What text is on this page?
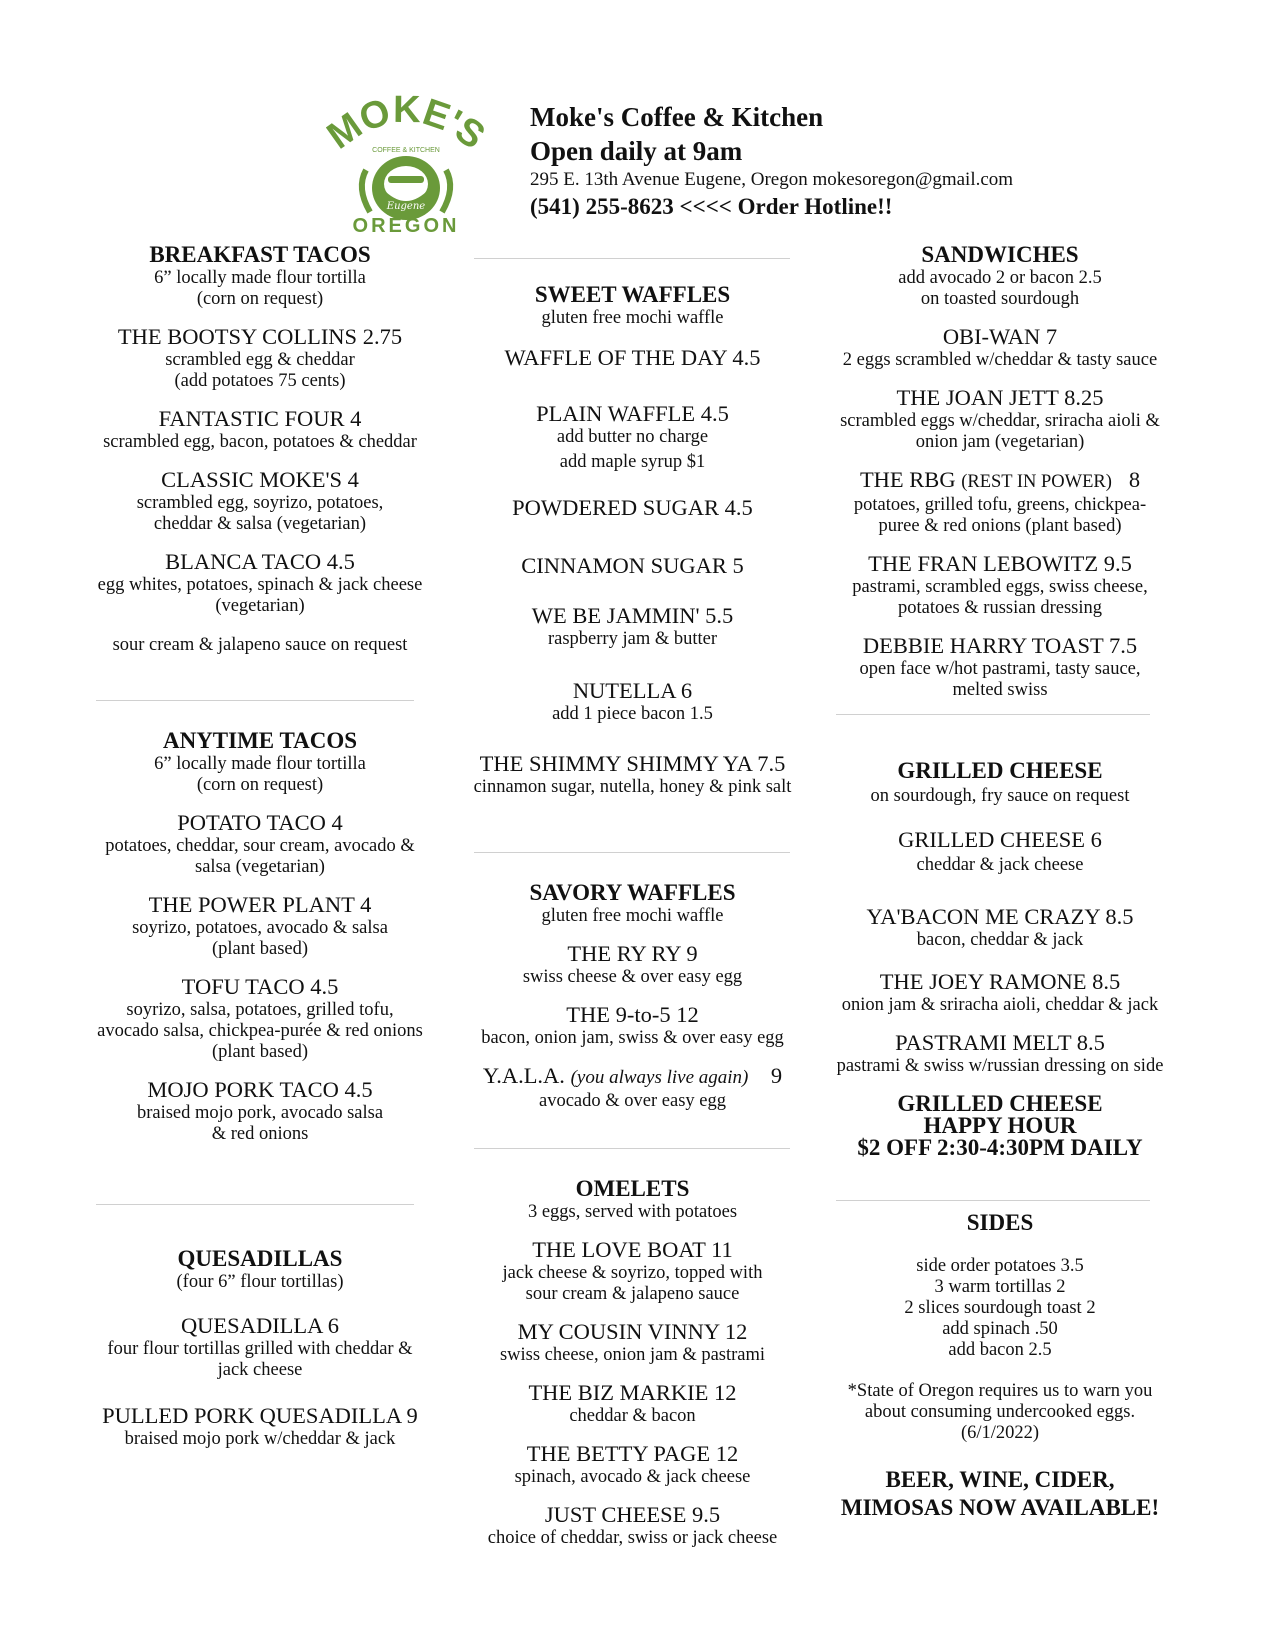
OKE'
COFFEE & KITCHEN
Eugene
OREGON
Moke's Coffee & Kitchen
Open daily at 9am
295 E. 13th Avenue Eugene, Oregon mokesoregon@gmail.com
(541) 255-8623 <<<< Order Hotline!!
BREAKFAST TACOS
6” locally made flour tortilla
(corn on request)
THE BOOTSY COLLINS 2.75
scrambled egg & cheddar
(add potatoes 75 cents)
FANTASTIC FOUR 4
scrambled egg, bacon, potatoes & cheddar
CLASSIC MOKE'S 4
scrambled egg, soyrizo, potatoes,
cheddar & salsa (vegetarian)
BLANCA TACO 4.5
egg whites, potatoes, spinach & jack cheese
(vegetarian)
sour cream & jalapeno sauce on request
ANYTIME TACOS
6” locally made flour tortilla
(corn on request)
POTATO TACO 4
potatoes, cheddar, sour cream, avocado &
salsa (vegetarian)
THE POWER PLANT 4
soyrizo, potatoes, avocado & salsa
(plant based)
TOFU TACO 4.5
soyrizo, salsa, potatoes, grilled tofu,
avocado salsa, chickpea-purée & red onions
(plant based)
MOJO PORK TACO 4.5
braised mojo pork, avocado salsa
& red onions
QUESADILLAS
(four 6” flour tortillas)
QUESADILLA 6
four flour tortillas grilled with cheddar &
jack cheese
PULLED PORK QUESADILLA 9
braised mojo pork w/cheddar & jack
SWEET WAFFLES
gluten free mochi waffle
WAFFLE OF THE DAY 4.5
PLAIN WAFFLE 4.5
add butter no charge
add maple syrup $1
POWDERED SUGAR 4.5
CINNAMON SUGAR 5
WE BE JAMMIN' 5.5
raspberry jam & butter
NUTELLA 6
add 1 piece bacon 1.5
THE SHIMMY SHIMMY YA 7.5
cinnamon sugar, nutella, honey & pink salt
SAVORY WAFFLES
gluten free mochi waffle
THE RY RY 9
swiss cheese & over easy egg
THE 9-to-5 12
bacon, onion jam, swiss & over easy egg
Y.A.L.A. (you always live again) 9
avocado & over easy egg
OMELETS
3 eggs, served with potatoes
THE LOVE BOAT 11
jack cheese & soyrizo, topped with
sour cream & jalapeno sauce
MY COUSIN VINNY 12
swiss cheese, onion jam & pastrami
THE BIZ MARKIE 12
cheddar & bacon
THE BETTY PAGE 12
spinach, avocado & jack cheese
JUST CHEESE 9.5
choice of cheddar, swiss or jack cheese
SANDWICHES
add avocado 2 or bacon 2.5
on toasted sourdough
OBI-WAN 7
2 eggs scrambled w/cheddar & tasty sauce
THE JOAN JETT 8.25
scrambled eggs w/cheddar, sriracha aioli &
onion jam (vegetarian)
THE RBG (REST IN POWER) 8
potatoes, grilled tofu, greens, chickpea-
puree & red onions (plant based)
THE FRAN LEBOWITZ 9.5
pastrami, scrambled eggs, swiss cheese,
potatoes & russian dressing
DEBBIE HARRY TOAST 7.5
open face w/hot pastrami, tasty sauce,
melted swiss
GRILLED CHEESE
on sourdough, fry sauce on request
GRILLED CHEESE 6
cheddar & jack cheese
YA'BACON ME CRAZY 8.5
bacon, cheddar & jack
THE JOEY RAMONE 8.5
onion jam & sriracha aioli, cheddar & jack
PASTRAMI MELT 8.5
pastrami & swiss w/russian dressing on side
GRILLED CHEESE
HAPPY HOUR
$2 OFF 2:30-4:30PM DAILY
SIDES
side order potatoes 3.5
3 warm tortillas 2
2 slices sourdough toast 2
add spinach .50
add bacon 2.5
*State of Oregon requires us to warn you
about consuming undercooked eggs.
(6/1/2022)
BEER, WINE, CIDER,
MIMOSAS NOW AVAILABLE!
